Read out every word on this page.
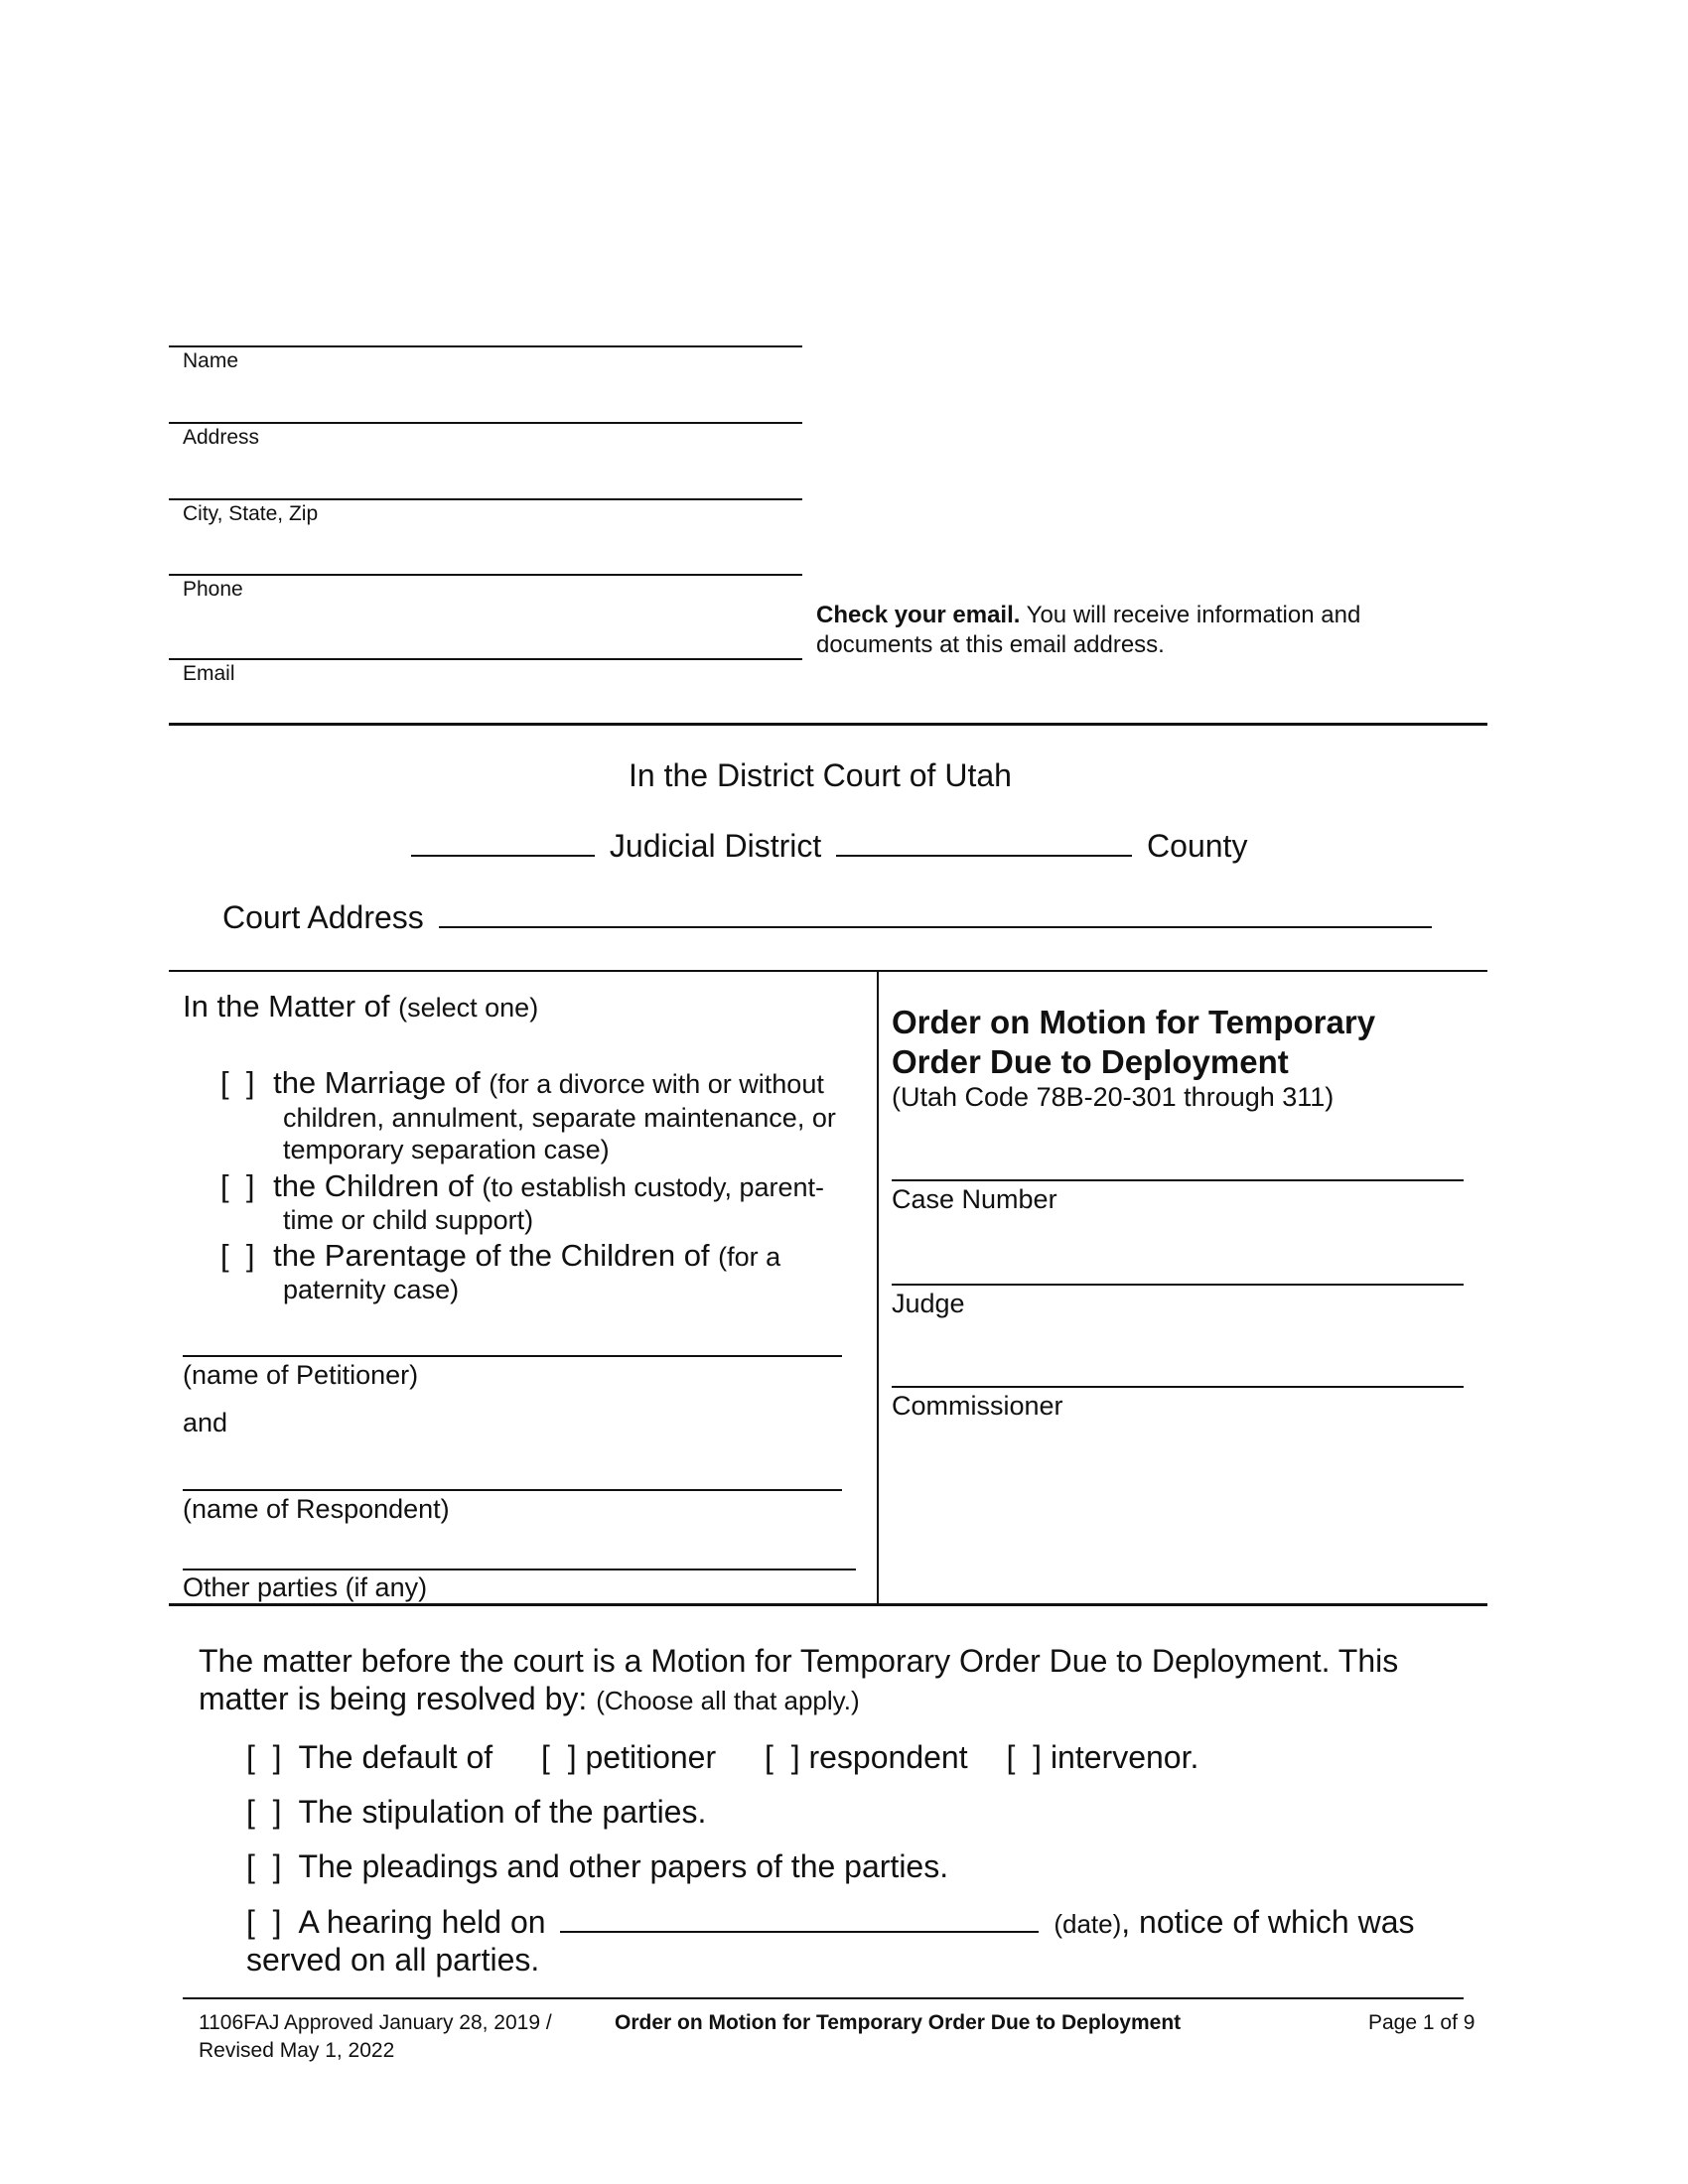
Name
Address
City, State, Zip
Phone
Email
Check your email. You will receive information and documents at this email address.
In the District Court of Utah
Judicial District	County
Court Address
In the Matter of (select one)
[  ] the Marriage of (for a divorce with or without
children, annulment, separate maintenance, or
temporary separation case)
[  ] the Children of (to establish custody, parent-
time or child support)
[  ] the Parentage of the Children of (for a
paternity case)
(name of Petitioner)
and
(name of Respondent)
Other parties (if any)
Order on Motion for Temporary
Order Due to Deployment
(Utah Code 78B-20-301 through 311)
Case Number
Judge
Commissioner
The matter before the court is a Motion for Temporary Order Due to Deployment. This
matter is being resolved by: (Choose all that apply.)
[  ] The default of [  ] petitioner [  ] respondent [  ] intervenor.
[  ] The stipulation of the parties.
[  ] The pleadings and other papers of the parties.
[  ] A hearing held on	(date), notice of which was
served on all parties.
1106FAJ Approved January 28, 2019 /
Revised May 1, 2022
Order on Motion for Temporary Order Due to Deployment	Page 1 of 9
